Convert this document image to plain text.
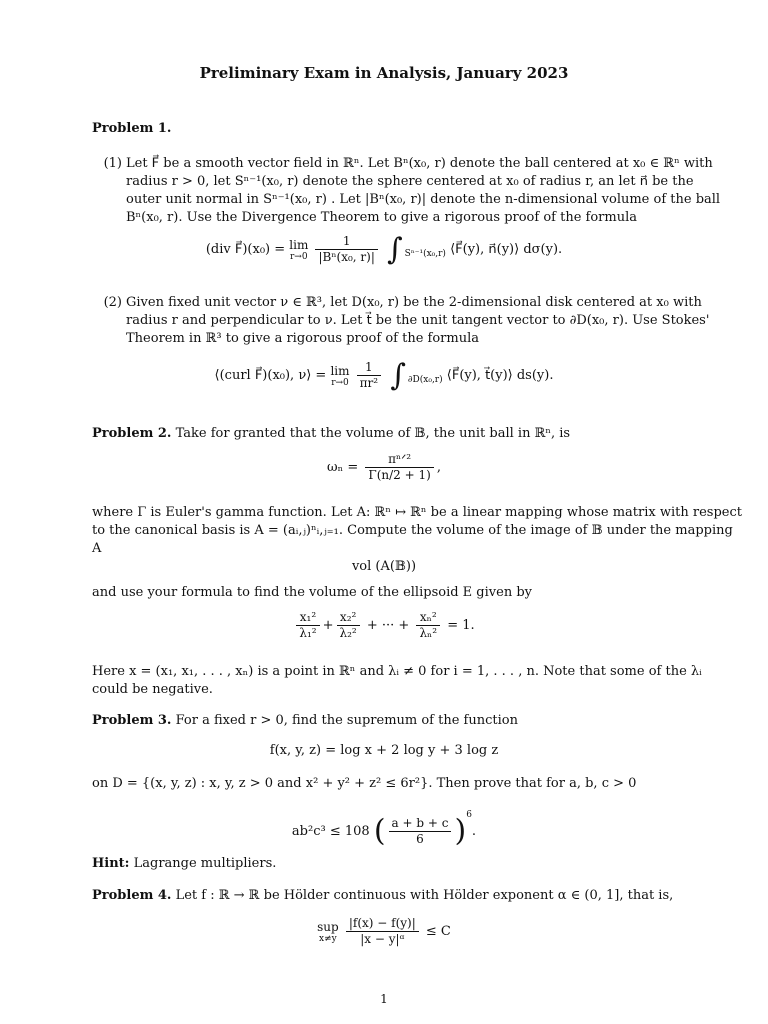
Preliminary Exam in Analysis, January 2023
Problem 1.
(1) Let F⃗ be a smooth vector field in ℝⁿ. Let Bⁿ(x₀, r) denote the ball centered at x₀ ∈ ℝⁿ with
radius r > 0, let Sⁿ⁻¹(x₀, r) denote the sphere centered at x₀ of radius r, an let n⃗ be the
outer unit normal in Sⁿ⁻¹(x₀, r) . Let |Bⁿ(x₀, r)| denote the n-dimensional volume of the ball
Bⁿ(x₀, r). Use the Divergence Theorem to give a rigorous proof of the formula
(div F⃗)(x₀) = lim
r→0
$\frac{1}{\text{|Bⁿ(x₀, r)|}}$ ∫ $_{S^{n-1}(x_0,r)}$ ⟨F⃗(y), n⃗(y)⟩ dσ(y).
(2) Given fixed unit vector ν ∈ ℝ³, let D(x₀, r) be the 2-dimensional disk centered at x₀ with
radius r and perpendicular to ν. Let t⃗ be the unit tangent vector to ∂D(x₀, r). Use Stokes'
Theorem in ℝ³ to give a rigorous proof of the formula
⟨(curl F⃗)(x₀), ν⟩ = lim
r→0
$\frac{1}{\text{πr²}}$ ∫ $_{\partial D(x_0,r)}$ ⟨F⃗(y), t⃗(y)⟩ ds(y).
Problem 2. Take for granted that the volume of 𝔹, the unit ball in ℝⁿ, is
$\omega_n = \frac{\text{πⁿᐟ²}}{\Gamma(n/2 + 1)}$ ,
where Γ is Euler's gamma function. Let A: ℝⁿ ↦ ℝⁿ be a linear mapping whose matrix with respect
to the canonical basis is A = (aᵢ,ⱼ)ⁿᵢ,ⱼ₌₁. Compute the volume of the image of 𝔹 under the mapping
A
vol (A(𝔹))
and use your formula to find the volume of the ellipsoid E given by
$\frac{\text{x₁²}}{\text{λ₁²}} + \frac{\text{x₂²}}{\text{λ₂²}}$ + ··· + $\frac{\text{xₙ²}}{\text{λₙ²}} = 1$.
Here x = (x₁, x₁, . . . , xₙ) is a point in ℝⁿ and λᵢ ≠ 0 for i = 1, . . . , n. Note that some of the λᵢ
could be negative.
Problem 3. For a fixed r > 0, find the supremum of the function
f(x, y, z) = log x + 2 log y + 3 log z
on D = {(x, y, z) : x, y, z > 0 and x² + y² + z² ≤ 6r²}. Then prove that for a, b, c > 0
ab²c³ ≤ 108 ( $\frac{a + b + c}{6} )^6$.
Hint: Lagrange multipliers.
Problem 4. Let f : ℝ → ℝ be Hölder continuous with Hölder exponent α ∈ (0, 1], that is,
sup
x≠y
$\frac{|f(x) - f(y)|}{\text{|x − y|ᵅ}} \le C$
1
